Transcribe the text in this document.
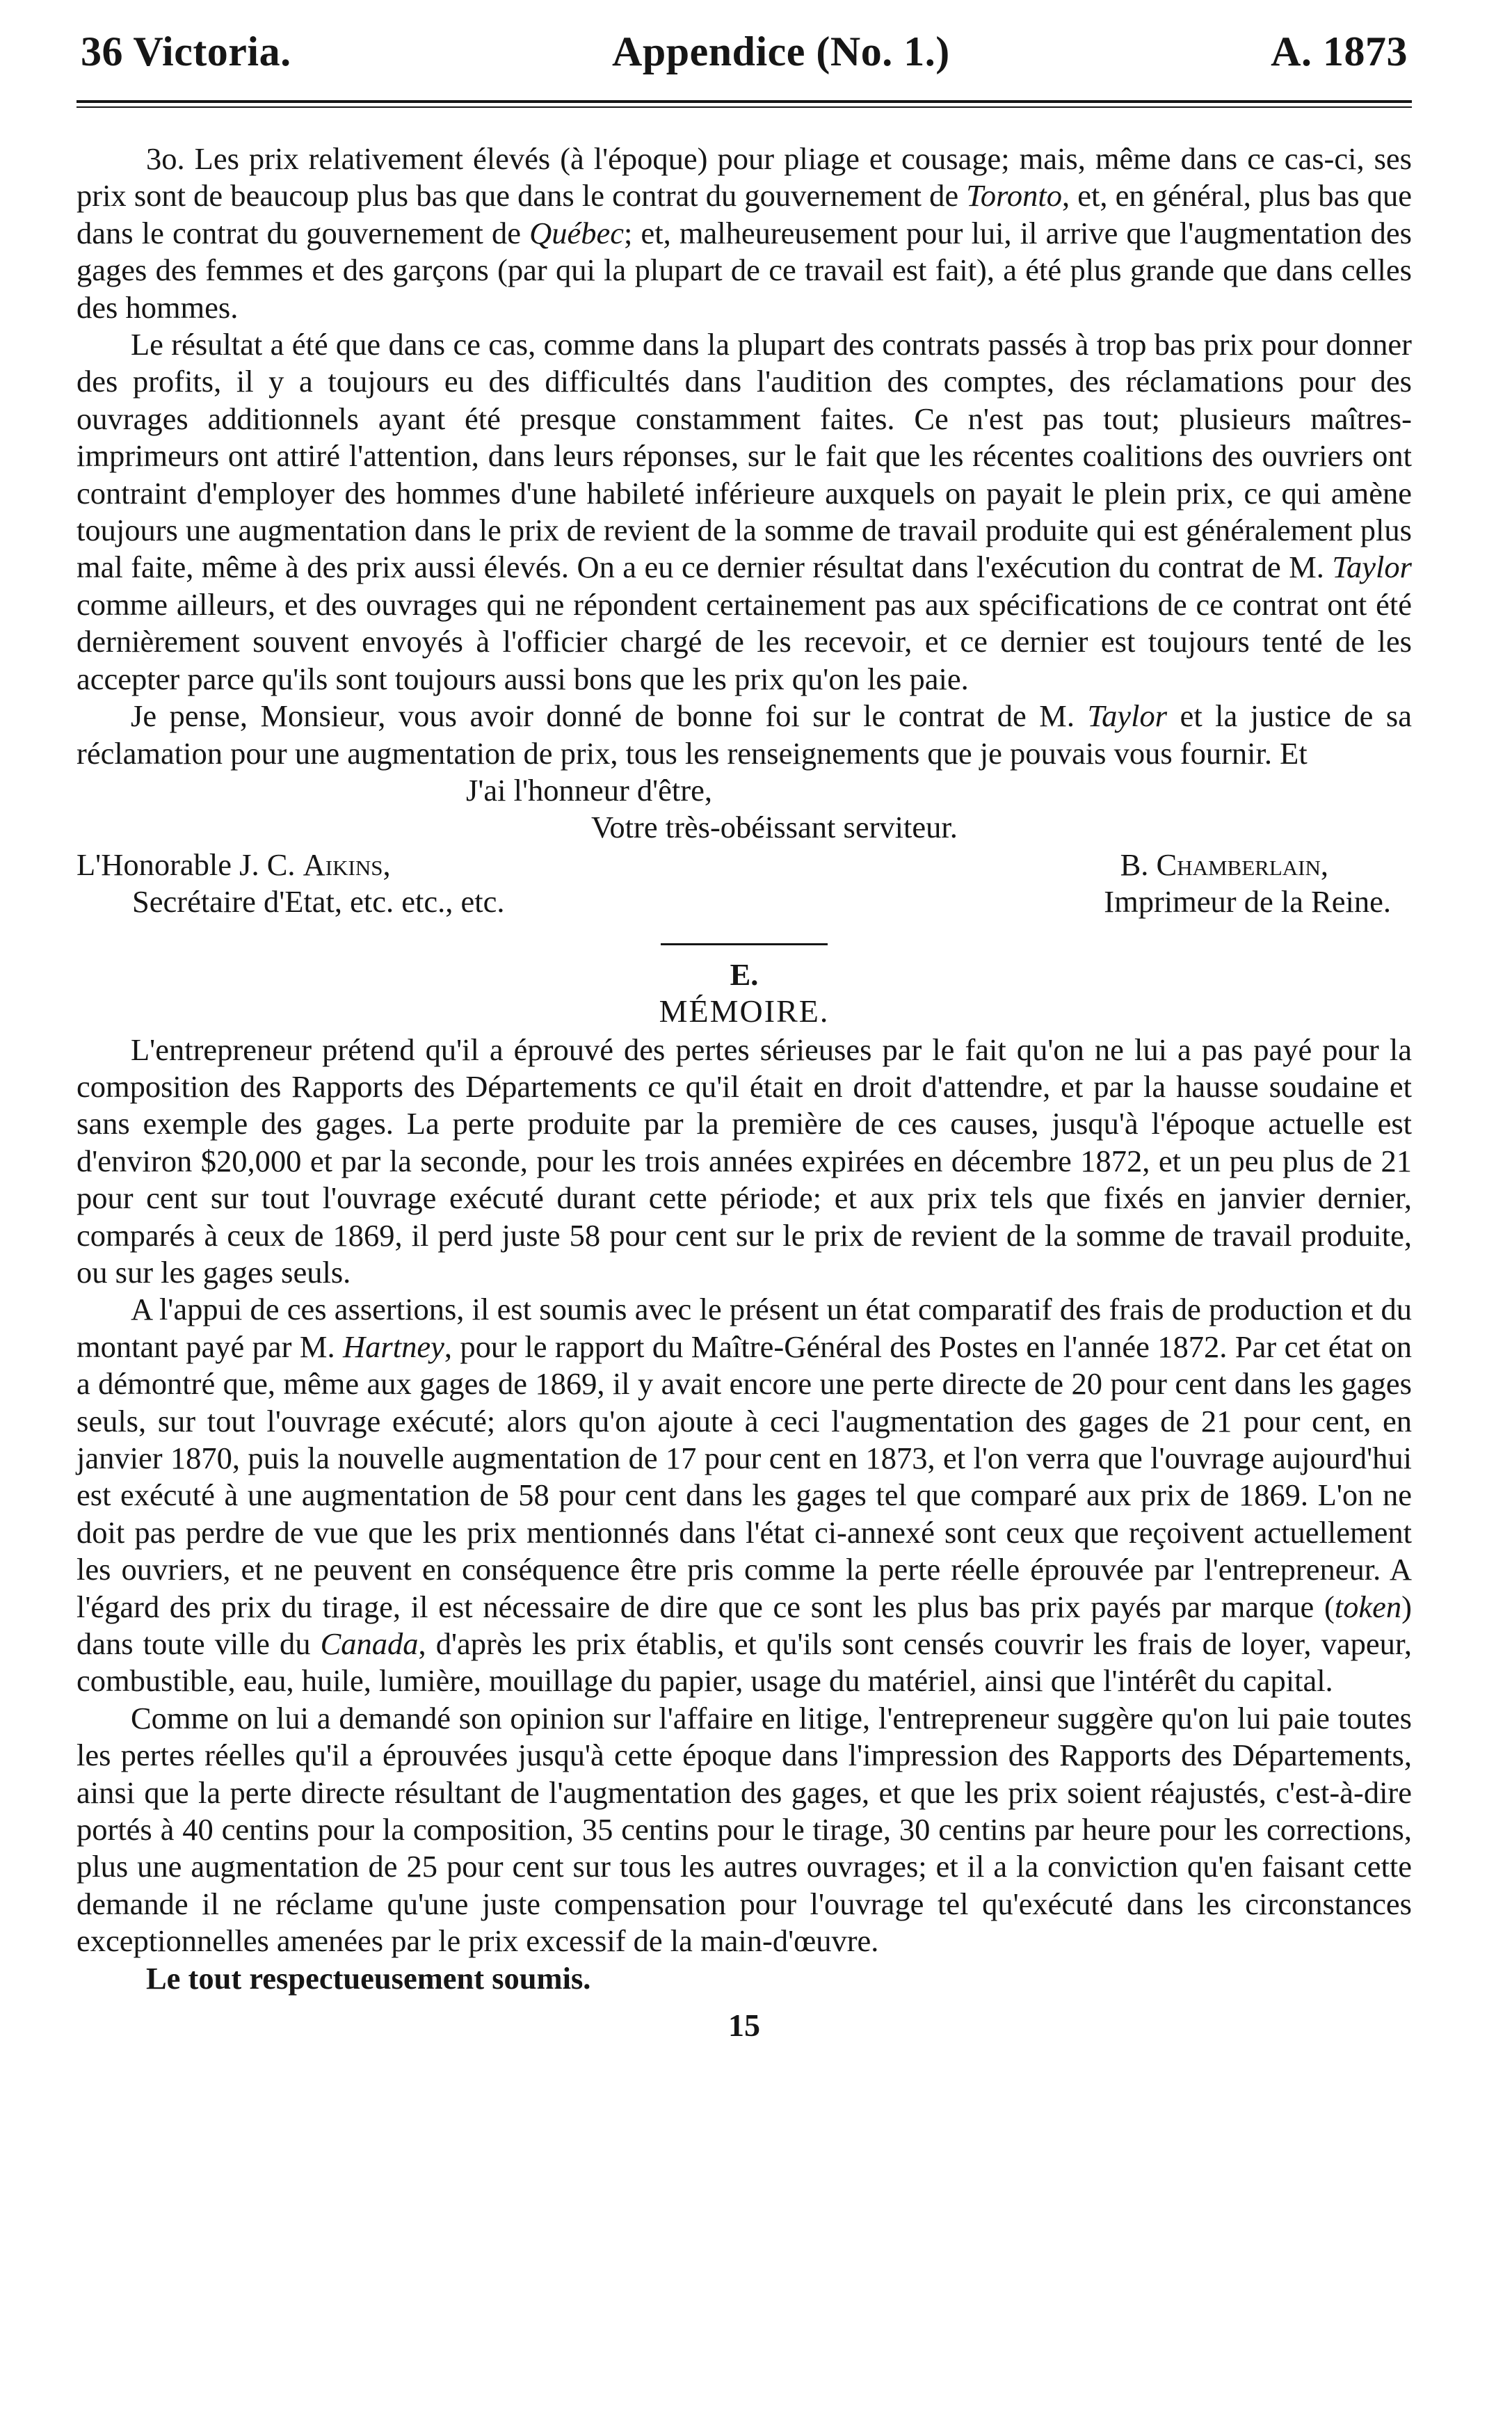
36 Victoria.	Appendice (No. 1.)	A. 1873

3o. Les prix relativement élevés (à l'époque) pour pliage et cousage; mais, même dans ce cas-ci, ses prix sont de beaucoup plus bas que dans le contrat du gouvernement de Toronto, et, en général, plus bas que dans le contrat du gouvernement de Québec; et, malheureusement pour lui, il arrive que l'augmentation des gages des femmes et des garçons (par qui la plupart de ce travail est fait), a été plus grande que dans celles des hommes.

Le résultat a été que dans ce cas, comme dans la plupart des contrats passés à trop bas prix pour donner des profits, il y a toujours eu des difficultés dans l'audition des comptes, des réclamations pour des ouvrages additionnels ayant été presque constamment faites. Ce n'est pas tout; plusieurs maîtres-imprimeurs ont attiré l'attention, dans leurs réponses, sur le fait que les récentes coalitions des ouvriers ont contraint d'employer des hommes d'une habileté inférieure auxquels on payait le plein prix, ce qui amène toujours une augmentation dans le prix de revient de la somme de travail produite qui est généralement plus mal faite, même à des prix aussi élevés. On a eu ce dernier résultat dans l'exécution du contrat de M. Taylor comme ailleurs, et des ouvrages qui ne répondent certainement pas aux spécifications de ce contrat ont été dernièrement souvent envoyés à l'officier chargé de les recevoir, et ce dernier est toujours tenté de les accepter parce qu'ils sont toujours aussi bons que les prix qu'on les paie.

Je pense, Monsieur, vous avoir donné de bonne foi sur le contrat de M. Taylor et la justice de sa réclamation pour une augmentation de prix, tous les renseignements que je pouvais vous fournir. Et

J'ai l'honneur d'être,
Votre très-obéissant serviteur.
L'Honorable J. C. Aikins,	B. Chamberlain,
Secrétaire d'Etat, etc. etc., etc.	Imprimeur de la Reine.
E.
MÉMOIRE.

L'entrepreneur prétend qu'il a éprouvé des pertes sérieuses par le fait qu'on ne lui a pas payé pour la composition des Rapports des Départements ce qu'il était en droit d'attendre, et par la hausse soudaine et sans exemple des gages. La perte produite par la première de ces causes, jusqu'à l'époque actuelle est d'environ $20,000 et par la seconde, pour les trois années expirées en décembre 1872, et un peu plus de 21 pour cent sur tout l'ouvrage exécuté durant cette période; et aux prix tels que fixés en janvier dernier, comparés à ceux de 1869, il perd juste 58 pour cent sur le prix de revient de la somme de travail produite, ou sur les gages seuls.

A l'appui de ces assertions, il est soumis avec le présent un état comparatif des frais de production et du montant payé par M. Hartney, pour le rapport du Maître-Général des Postes en l'année 1872. Par cet état on a démontré que, même aux gages de 1869, il y avait encore une perte directe de 20 pour cent dans les gages seuls, sur tout l'ouvrage exécuté; alors qu'on ajoute à ceci l'augmentation des gages de 21 pour cent, en janvier 1870, puis la nouvelle augmentation de 17 pour cent en 1873, et l'on verra que l'ouvrage aujourd'hui est exécuté à une augmentation de 58 pour cent dans les gages tel que comparé aux prix de 1869. L'on ne doit pas perdre de vue que les prix mentionnés dans l'état ci-annexé sont ceux que reçoivent actuellement les ouvriers, et ne peuvent en conséquence être pris comme la perte réelle éprouvée par l'entrepreneur. A l'égard des prix du tirage, il est nécessaire de dire que ce sont les plus bas prix payés par marque (token) dans toute ville du Canada, d'après les prix établis, et qu'ils sont censés couvrir les frais de loyer, vapeur, combustible, eau, huile, lumière, mouillage du papier, usage du matériel, ainsi que l'intérêt du capital.

Comme on lui a demandé son opinion sur l'affaire en litige, l'entrepreneur suggère qu'on lui paie toutes les pertes réelles qu'il a éprouvées jusqu'à cette époque dans l'impression des Rapports des Départements, ainsi que la perte directe résultant de l'augmentation des gages, et que les prix soient réajustés, c'est-à-dire portés à 40 centins pour la composition, 35 centins pour le tirage, 30 centins par heure pour les corrections, plus une augmentation de 25 pour cent sur tous les autres ouvrages; et il a la conviction qu'en faisant cette demande il ne réclame qu'une juste compensation pour l'ouvrage tel qu'exécuté dans les circonstances exceptionnelles amenées par le prix excessif de la main-d'œuvre.

Le tout respectueusement soumis.
15
